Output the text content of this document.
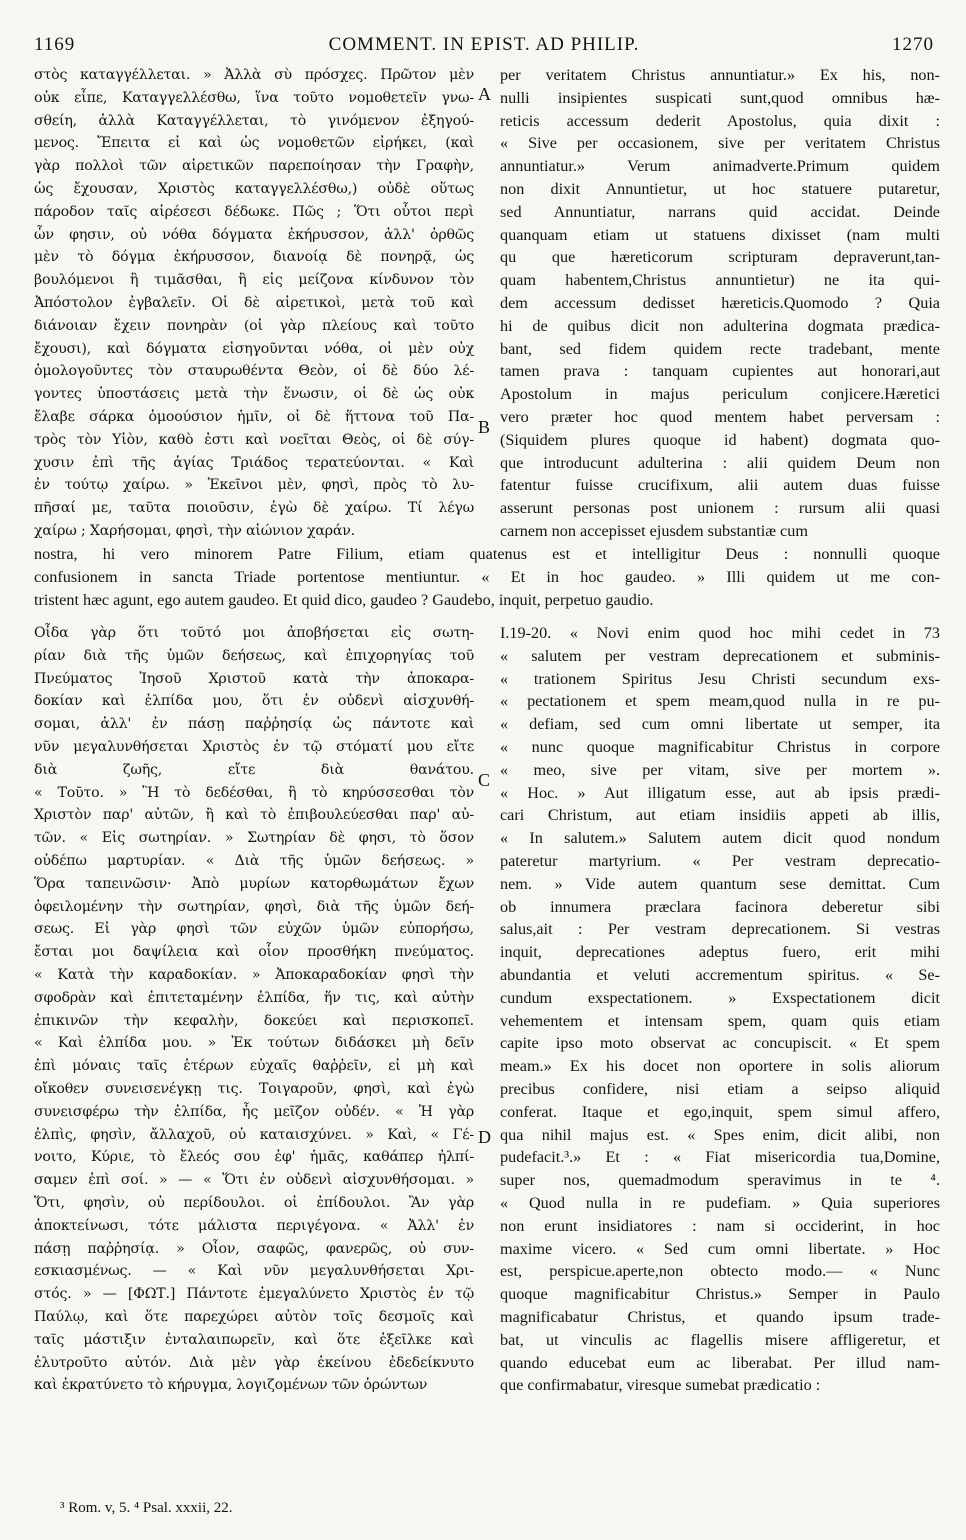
1169	COMMENT. IN EPIST. AD PHILIP.	1270
στὸς καταγγέλλεται. » Ἀλλὰ σὺ πρόσχες. Πρῶτον μὲν
οὐκ εἶπε, Καταγγελλέσθω, ἵνα τοῦτο νομοθετεῖν γνω-
σθείη, ἀλλὰ Καταγγέλλεται, τὸ γινόμενον ἐξηγού-
μενος. Ἔπειτα εἰ καὶ ὡς νομοθετῶν εἰρήκει, (καὶ
γὰρ πολλοὶ τῶν αἱρετικῶν παρεποίησαν τὴν Γραφὴν,
ὡς ἔχουσαν, Χριστὸς καταγγελλέσθω,) οὐδὲ οὕτως
πάροδον ταῖς αἱρέσεσι δέδωκε. Πῶς ; Ὅτι οὗτοι περὶ
ὧν φησιν, οὐ νόθα δόγματα ἐκήρυσσον, ἀλλ' ὀρθῶς
μὲν τὸ δόγμα ἐκήρυσσον, διανοίᾳ δὲ πονηρᾷ, ὡς
βουλόμενοι ἢ τιμᾶσθαι, ἢ εἰς μείζονα κίνδυνον τὸν
Ἀπόστολον ἐγβαλεῖν. Οἱ δὲ αἱρετικοὶ, μετὰ τοῦ καὶ
διάνοιαν ἔχειν πονηρὰν (οἱ γὰρ πλείους καὶ τοῦτο
ἔχουσι), καὶ δόγματα εἰσηγοῦνται νόθα, οἱ μὲν οὐχ
ὁμολογοῦντες τὸν σταυρωθέντα Θεὸν, οἱ δὲ δύο λέ-
γοντες ὑποστάσεις μετὰ τὴν ἕνωσιν, οἱ δὲ ὡς οὐκ
ἔλαβε σάρκα ὁμοούσιον ἡμῖν, οἱ δὲ ἥττονα τοῦ Πα-
τρὸς τὸν Υἱὸν, καθὸ ἐστι καὶ νοεῖται Θεὸς, οἱ δὲ σύγ-
χυσιν ἐπὶ τῆς ἁγίας Τριάδος τερατεύονται. « Καὶ
ἐν τούτῳ χαίρω. » Ἐκεῖνοι μὲν, φησὶ, πρὸς τὸ λυ-
πῆσαί με, ταῦτα ποιοῦσιν, ἐγὼ δὲ χαίρω. Τί λέγω
χαίρω ; Χαρήσομαι, φησὶ, τὴν αἰώνιον χαράν.
per veritatem Christus annuntiatur.» Ex his, non-
nulli insipientes suspicati sunt,quod omnibus hæ-
reticis accessum dederit Apostolus, quia dixit :
« Sive per occasionem, sive per veritatem Christus
annuntiatur.» Verum animadverte.Primum quidem
non dixit Annuntietur, ut hoc statuere putaretur,
sed Annuntiatur, narrans quid accidat. Deinde
quanquam etiam ut statuens dixisset (nam multi
qu que hæreticorum scripturam depraverunt,tan-
quam habentem,Christus annuntietur) ne ita qui-
dem accessum dedisset hæreticis.Quomodo ? Quia
hi de quibus dicit non adulterina dogmata prædica-
bant, sed fidem quidem recte tradebant, mente
tamen prava : tanquam cupientes aut honorari,aut
Apostolum in majus periculum conjicere.Hæretici
vero præter hoc quod mentem habet perversam :
(Siquidem plures quoque id habent) dogmata quo-
que introducunt adulterina : alii quidem Deum non
fatentur fuisse crucifixum, alii autem duas fuisse
asserunt personas post unionem : rursum alii quasi
carnem non accepisset ejusdem substantiæ cum
nostra, hi vero minorem Patre Filium, etiam quatenus est et intelligitur Deus : nonnulli quoque
confusionem in sancta Triade portentose mentiuntur. « Et in hoc gaudeo. » Illi quidem ut me con-
tristent hæc agunt, ego autem gaudeo. Et quid dico, gaudeo ? Gaudebo, inquit, perpetuo gaudio.
Οἶδα γὰρ ὅτι τοῦτό μοι ἀποβήσεται εἰς σωτη-
ρίαν διὰ τῆς ὑμῶν δεήσεως, καὶ ἐπιχορηγίας τοῦ
Πνεύματος Ἰησοῦ Χριστοῦ κατὰ τὴν ἀποκαρα-
δοκίαν καὶ ἐλπίδα μου, ὅτι ἐν οὐδενὶ αἰσχυνθή-
σομαι, ἀλλ' ἐν πάσῃ παῤῥησίᾳ ὡς πάντοτε καὶ
νῦν μεγαλυνθήσεται Χριστὸς ἐν τῷ στόματί μου εἴτε
διὰ ζωῆς, εἴτε διὰ θανάτου.
« Τοῦτο. » Ἢ τὸ δεδέσθαι, ἢ τὸ κηρύσσεσθαι τὸν
Χριστὸν παρ' αὐτῶν, ἢ καὶ τὸ ἐπιβουλεύεσθαι παρ' αὐ-
τῶν. « Εἰς σωτηρίαν. » Σωτηρίαν δὲ φησι, τὸ ὅσον
οὐδέπω μαρτυρίαν. « Διὰ τῆς ὑμῶν δεήσεως. »
Ὅρα ταπεινῶσιν· Ἀπὸ μυρίων κατορθωμάτων ἔχων
ὀφειλομένην τὴν σωτηρίαν, φησὶ, διὰ τῆς ὑμῶν δεή-
σεως. Εἰ γὰρ φησὶ τῶν εὐχῶν ὑμῶν εὐπορήσω,
ἔσται μοι δαψίλεια καὶ οἷον προσθήκη πνεύματος.
« Κατὰ τὴν καραδοκίαν. » Ἀποκαραδοκίαν φησὶ τὴν
σφοδρὰν καὶ ἐπιτεταμένην ἐλπίδα, ἥν τις, καὶ αὐτὴν
ἐπικινῶν τὴν κεφαλὴν, δοκεύει καὶ περισκοπεῖ.
« Καὶ ἐλπίδα μου. » Ἐκ τούτων διδάσκει μὴ δεῖν
ἐπὶ μόναις ταῖς ἑτέρων εὐχαῖς θαῤῥεῖν, εἰ μὴ καὶ
οἴκοθεν συνεισενέγκῃ τις. Τοιγαροῦν, φησὶ, καὶ ἐγὼ
συνεισφέρω τὴν ἐλπίδα, ἧς μεῖζον οὐδέν. « Ἡ γὰρ
ἐλπὶς, φησὶν, ἄλλαχοῦ, οὐ καταισχύνει. » Καὶ, « Γέ-
νοιτο, Κύριε, τὸ ἔλεός σου ἐφ' ἡμᾶς, καθάπερ ἠλπί-
σαμεν ἐπὶ σοί. » — « Ὅτι ἐν οὐδενὶ αἰσχυνθήσομαι. »
Ὅτι, φησὶν, οὐ περίδουλοι. οἱ ἐπίδουλοι. Ἂν γὰρ
ἀποκτείνωσι, τότε μάλιστα περιγέγονα. « Ἀλλ' ἐν
πάσῃ παῤῥησίᾳ. » Οἷον, σαφῶς, φανερῶς, οὐ συν-
εσκιασμένως. — « Καὶ νῦν μεγαλυνθήσεται Χρι-
στός. » — [ΦΩΤ.] Πάντοτε ἐμεγαλύνετο Χριστὸς ἐν τῷ
Παύλῳ, καὶ ὅτε παρεχώρει αὐτὸν τοῖς δεσμοῖς καὶ
ταῖς μάστιξιν ἐνταλαιπωρεῖν, καὶ ὅτε ἐξεῖλκε καὶ
ἐλυτροῦτο αὐτόν. Διὰ μὲν γὰρ ἐκείνου ἐδεδείκνυτο
καὶ ἐκρατύνετο τὸ κήρυγμα, λογιζομένων τῶν ὁρώντων
I.19-20. « Novi enim quod hoc mihi cedet in 73
« salutem per vestram deprecationem et subminis-
« trationem Spiritus Jesu Christi secundum exs-
« pectationem et spem meam,quod nulla in re pu-
« defiam, sed cum omni libertate ut semper, ita
« nunc quoque magnificabitur Christus in corpore
« meo, sive per vitam, sive per mortem ».
« Hoc. » Aut illigatum esse, aut ab ipsis prædi-
cari Christum, aut etiam insidiis appeti ab illis,
« In salutem.» Salutem autem dicit quod nondum
pateretur martyrium. « Per vestram deprecatio-
nem. » Vide autem quantum sese demittat. Cum
ob innumera præclara facinora deberetur sibi
salus,ait : Per vestram deprecationem. Si vestras
inquit, deprecationes adeptus fuero, erit mihi
abundantia et veluti accrementum spiritus. « Se-
cundum exspectationem. » Exspectationem dicit
vehementem et intensam spem, quam quis etiam
capite ipso moto observat ac concupiscit. « Et spem
meam.» Ex his docet non oportere in solis aliorum
precibus confidere, nisi etiam a seipso aliquid
conferat. Itaque et ego,inquit, spem simul affero,
qua nihil majus est. « Spes enim, dicit alibi, non
pudefacit.³.» Et : « Fiat misericordia tua,Domine,
super nos, quemadmodum speravimus in te ⁴.
« Quod nulla in re pudefiam. » Quia superiores
non erunt insidiatores : nam si occiderint, in hoc
maxime vicero. « Sed cum omni libertate. » Hoc
est, perspicue.aperte,non obtecto modo.— « Nunc
quoque magnificabitur Christus.» Semper in Paulo
magnificabatur Christus, et quando ipsum trade-
bat, ut vinculis ac flagellis misere affligeretur, et
quando educebat eum ac liberabat. Per illud nam-
que confirmabatur, viresque sumebat prædicatio :
A
B
C
D
³ Rom. v, 5. ⁴ Psal. xxxii, 22.
